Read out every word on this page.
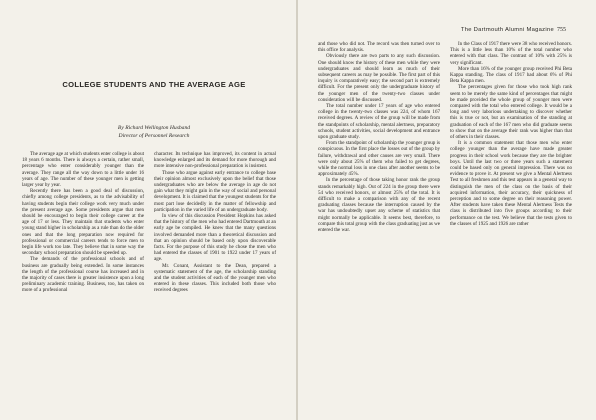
COLLEGE STUDENTS AND THE AVERAGE AGE
By Richard Wellington Husband
Director of Personnel Research

The average age at which students enter college is about 18 years 6 months. There is always a certain, rather small, percentage who enter considerably younger than the average. They range all the way down to a little under 16 years of age. The number of these younger men is getting larger year by year.

Recently there has been a good deal of discussion, chiefly among college presidents, as to the advisability of having students begin their college work very much under the present average age. Some presidents argue that men should be encouraged to begin their college career at the age of 17 or less. They maintain that students who enter young stand higher in scholarship as a rule than do the older ones and that the long preparation now required for professional or commercial careers tends to force men to begin life work too late. They believe that in some way the secondary school preparation should be speeded up.

The demands of the professional schools and of business are gradually being extended. In some instances the length of the professional course has increased and in the majority of cases there is greater insistence upon a long preliminary academic training. Business, too, has taken on more of a professional

character. Its technique has improved, its content in actual knowledge enlarged and its demand for more thorough and more intensive non-professional preparation is insistent.

Those who argue against early entrance to college base their opinion almost exclusively upon the belief that those undergraduates who are below the average in age do not gain what they might gain in the way of social and personal development. It is claimed that the youngest students for the most part lose decidedly in the matter of fellowship and participation in the varied life of an undergraduate body.

In view of this discussion President Hopkins has asked that the history of the men who had entered Dartmouth at an early age be compiled. He knew that the many questions involved demanded more than a theoretical discussion and that an opinion should be based only upon discoverable facts. For the purpose of this study he chose the men who had entered the classes of 1901 to 1922 under 17 years of age.

Mr. Conant, Assistant to the Dean, prepared a systematic statement of the age, the scholarship standing and the student activities of each of the younger men who entered in these classes. This included both those who received degrees

The Dartmouth Alumni Magazine 755

and those who did not. The record was then turned over to this office for analysis.

Obviously there are two parts to any such discussion. One should know the history of these men while they were undergraduates and should learn as much of their subsequent careers as may be possible. The first part of this inquiry is comparatively easy; the second part is extremely difficult. For the present only the undergraduate history of the younger men of the twenty-two classes under consideration will be discussed.

The total number under 17 years of age who entered college in the twenty-two classes was 224, of whom 167 received degrees. A review of the group will be made from the standpoints of scholarship, mental alertness, preparatory schools, student activities, social development and entrance upon graduate study.

From the standpoint of scholarship the younger group is conspicuous. In the first place the losses out of the group by failure, withdrawal and other causes are very small. There were only about 25% of them who failed to get degrees, while the normal loss in one class after another seems to be approximately 45%.

In the percentage of those taking honor rank the group stands remarkably high. Out of 224 in the group there were 54 who received honors, or almost 25% of the total. It is difficult to make a comparison with any of the recent graduating classes because the interruption caused by the war has undoubtedly upset any scheme of statistics that might normally be applicable. It seems best, therefore, to compare this total group with the class graduating just as we entered the war.

In the Class of 1917 there were 38 who received honors. This is a little less than 10% of the total number who entered with that class. The contrast of 10% with 25% is very significant.

More than 16% of the younger group received Phi Beta Kappa standing. The class of 1917 had about 6% of Phi Beta Kappa men.

The percentages given for those who took high rank seem to be merely the same kind of percentages that might be made provided the whole group of younger men were compared with the total who entered college. It would be a long and very laborious undertaking to discover whether this is true or not, but an examination of the standing at graduation of each of the 167 men who did graduate seems to show that on the average their rank was higher than that of others in their classes.

It is a common statement that those men who enter college younger than the average have made greater progress in their school work because they are the brighter boys. Until the last two or three years such a statement could be based only on general impression. There was no evidence to prove it. At present we give a Mental Alertness Test to all freshmen and this test appears in a general way to distinguish the men of the class on the basis of their acquired information, their accuracy, their quickness of perception and to some degree on their reasoning power. After students have taken these Mental Alertness Tests the class is distributed into five groups according to their performance on the test. We believe that the tests given to the classes of 1925 and 1926 are rather
